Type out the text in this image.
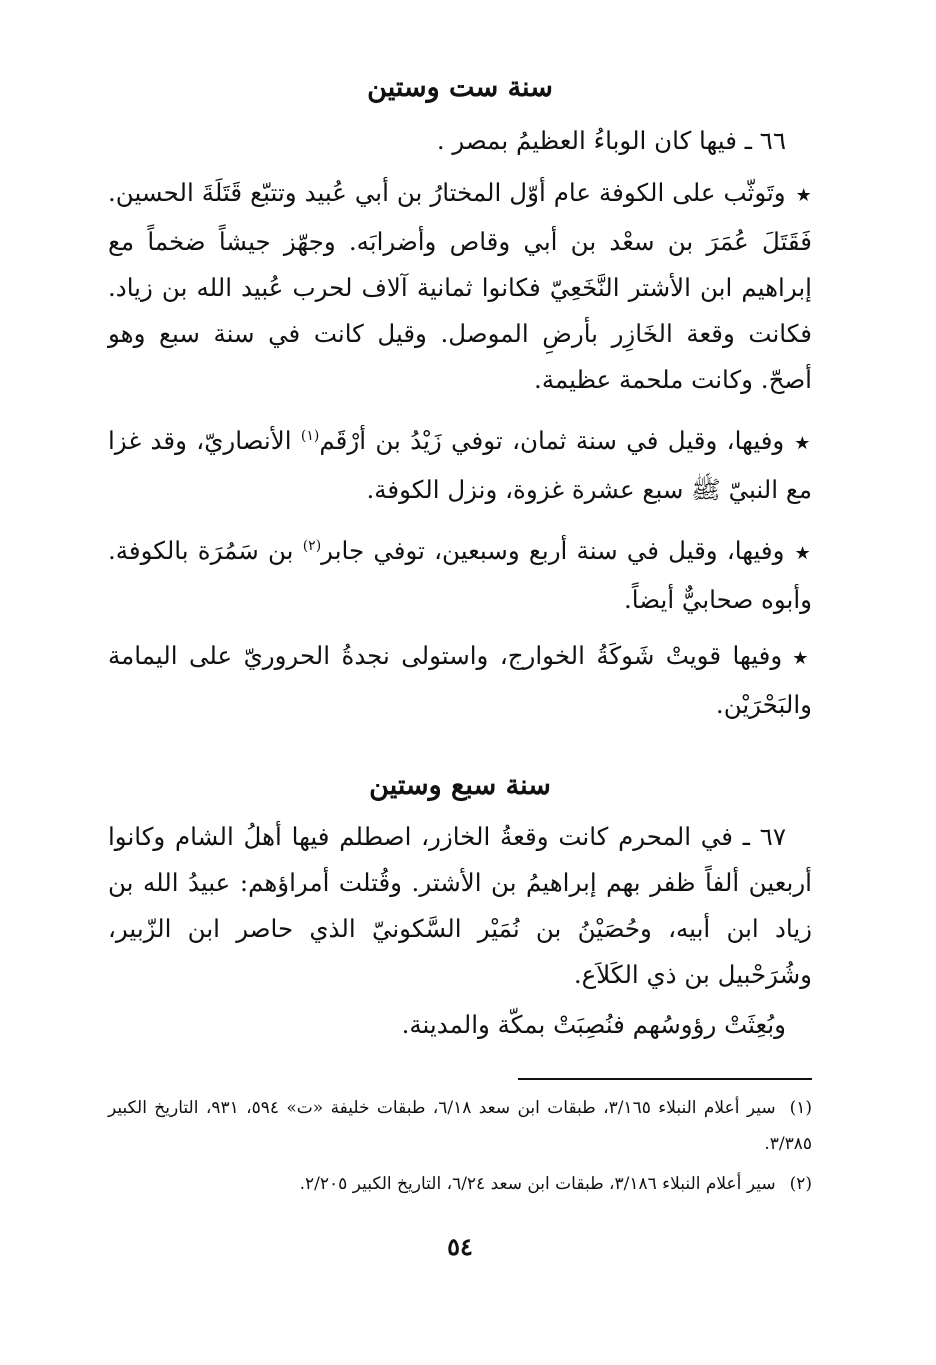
سنة ست وستين

٦٦ ـ فيها كان الوباءُ العظيمُ بمصر .

★وتَوثّب على الكوفة عام أوّل المختارُ بن أبي عُبيد وتتبّع قَتَلَةَ الحسين. فَقَتَلَ عُمَرَ بن سعْد بن أبي وقاص وأضرابَه. وجهّز جيشاً ضخماً مع إبراهيم ابن الأشتر النَّخَعِيّ فكانوا ثمانية آلاف لحرب عُبيد الله بن زياد. فكانت وقعة الخَازِر بأرضِ الموصل. وقيل كانت في سنة سبع وهو أصحّ. وكانت ملحمة عظيمة.

★وفيها، وقيل في سنة ثمان، توفي زَيْدُ بن أرْقَم$^{(١)}$ الأنصاريّ، وقد غزا مع النبيّ ﷺ سبع عشرة غزوة، ونزل الكوفة.

★وفيها، وقيل في سنة أربع وسبعين، توفي جابر$^{(٢)}$ بن سَمُرَة بالكوفة. وأبوه صحابيٌّ أيضاً.

★وفيها قويتْ شَوكَةُ الخوارج، واستولى نجدةُ الحروريّ على اليمامة والبَحْرَيْن.

سنة سبع وستين

٦٧ ـ في المحرم كانت وقعةُ الخازر، اصطلم فيها أهلُ الشام وكانوا أربعين ألفاً ظفر بهم إبراهيمُ بن الأشتر. وقُتلت أمراؤهم: عبيدُ الله بن زياد ابن أبيه، وحُصَيْنُ بن نُمَيْر السَّكونيّ الذي حاصر ابن الزّبير، وشُرَحْبيل بن ذي الكَلاَع.

وبُعِثَتْ رؤوسُهم فنُصِبَتْ بمكّة والمدينة.

(١)سير أعلام النبلاء ٣/١٦٥، طبقات ابن سعد ٦/١٨، طبقات خليفة «ت» ٥٩٤، ٩٣١، التاريخ الكبير ٣/٣٨٥.

(٢)سير أعلام النبلاء ٣/١٨٦، طبقات ابن سعد ٦/٢٤، التاريخ الكبير ٢/٢٠٥.

٥٤
